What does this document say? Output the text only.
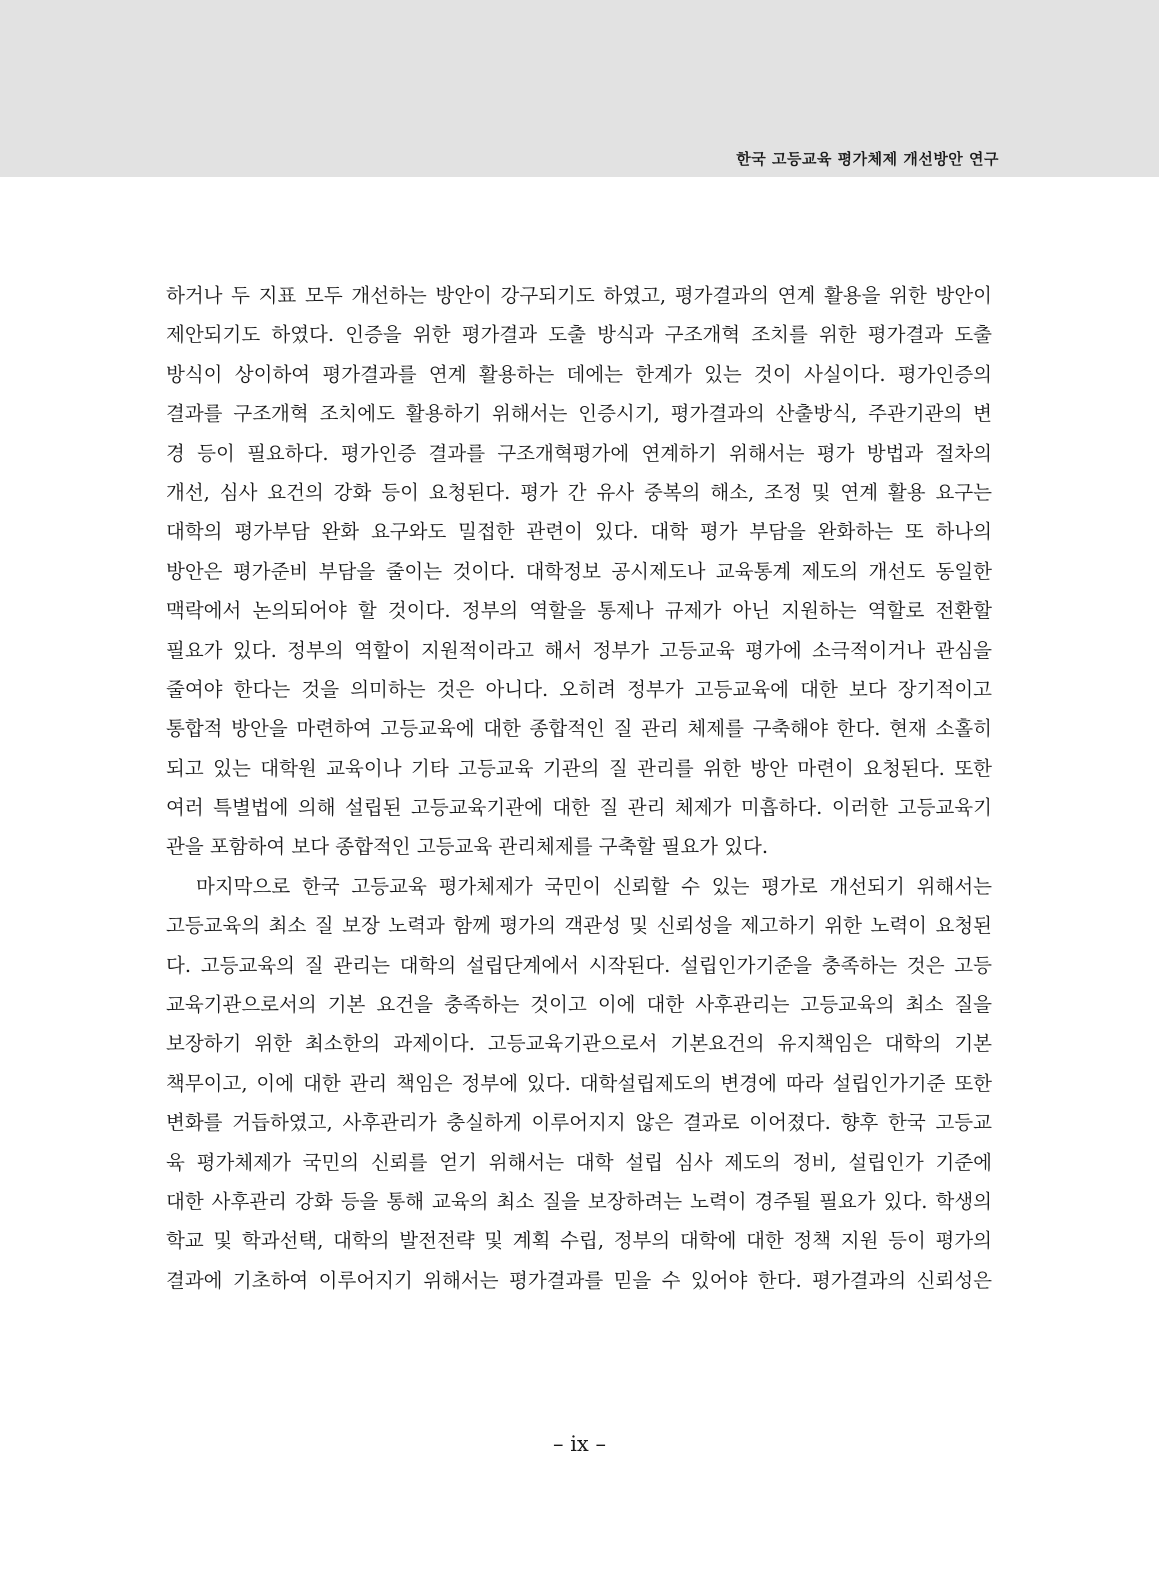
한국 고등교육 평가체제 개선방안 연구
하거나 두 지표 모두 개선하는 방안이 강구되기도 하였고, 평가결과의 연계 활용을 위한 방안이
제안되기도 하였다. 인증을 위한 평가결과 도출 방식과 구조개혁 조치를 위한 평가결과 도출
방식이 상이하여 평가결과를 연계 활용하는 데에는 한계가 있는 것이 사실이다. 평가인증의
결과를 구조개혁 조치에도 활용하기 위해서는 인증시기, 평가결과의 산출방식, 주관기관의 변
경 등이 필요하다. 평가인증 결과를 구조개혁평가에 연계하기 위해서는 평가 방법과 절차의
개선, 심사 요건의 강화 등이 요청된다. 평가 간 유사 중복의 해소, 조정 및 연계 활용 요구는
대학의 평가부담 완화 요구와도 밀접한 관련이 있다. 대학 평가 부담을 완화하는 또 하나의
방안은 평가준비 부담을 줄이는 것이다. 대학정보 공시제도나 교육통계 제도의 개선도 동일한
맥락에서 논의되어야 할 것이다. 정부의 역할을 통제나 규제가 아닌 지원하는 역할로 전환할
필요가 있다. 정부의 역할이 지원적이라고 해서 정부가 고등교육 평가에 소극적이거나 관심을
줄여야 한다는 것을 의미하는 것은 아니다. 오히려 정부가 고등교육에 대한 보다 장기적이고
통합적 방안을 마련하여 고등교육에 대한 종합적인 질 관리 체제를 구축해야 한다. 현재 소홀히
되고 있는 대학원 교육이나 기타 고등교육 기관의 질 관리를 위한 방안 마련이 요청된다. 또한
여러 특별법에 의해 설립된 고등교육기관에 대한 질 관리 체제가 미흡하다. 이러한 고등교육기
관을 포함하여 보다 종합적인 고등교육 관리체제를 구축할 필요가 있다.
마지막으로 한국 고등교육 평가체제가 국민이 신뢰할 수 있는 평가로 개선되기 위해서는
고등교육의 최소 질 보장 노력과 함께 평가의 객관성 및 신뢰성을 제고하기 위한 노력이 요청된
다. 고등교육의 질 관리는 대학의 설립단계에서 시작된다. 설립인가기준을 충족하는 것은 고등
교육기관으로서의 기본 요건을 충족하는 것이고 이에 대한 사후관리는 고등교육의 최소 질을
보장하기 위한 최소한의 과제이다. 고등교육기관으로서 기본요건의 유지책임은 대학의 기본
책무이고, 이에 대한 관리 책임은 정부에 있다. 대학설립제도의 변경에 따라 설립인가기준 또한
변화를 거듭하였고, 사후관리가 충실하게 이루어지지 않은 결과로 이어졌다. 향후 한국 고등교
육 평가체제가 국민의 신뢰를 얻기 위해서는 대학 설립 심사 제도의 정비, 설립인가 기준에
대한 사후관리 강화 등을 통해 교육의 최소 질을 보장하려는 노력이 경주될 필요가 있다. 학생의
학교 및 학과선택, 대학의 발전전략 및 계획 수립, 정부의 대학에 대한 정책 지원 등이 평가의
결과에 기초하여 이루어지기 위해서는 평가결과를 믿을 수 있어야 한다. 평가결과의 신뢰성은
– ix –
